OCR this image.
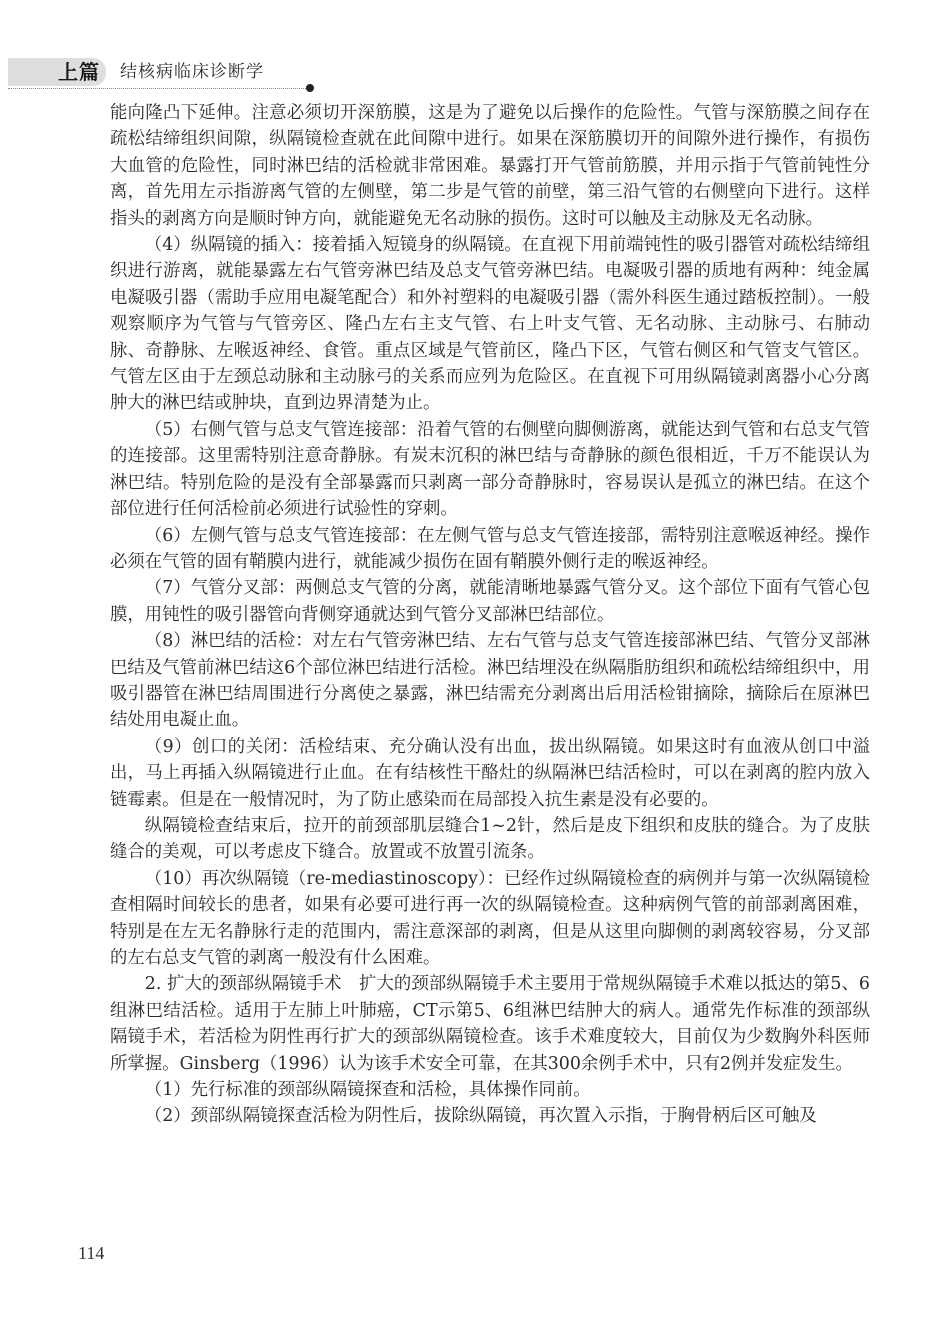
上篇 结核病临床诊断学

能向隆凸下延伸。注意必须切开深筋膜，这是为了避免以后操作的危险性。气管与深筋膜之间存在疏松结缔组织间隙，纵隔镜检查就在此间隙中进行。如果在深筋膜切开的间隙外进行操作，有损伤大血管的危险性，同时淋巴结的活检就非常困难。暴露打开气管前筋膜，并用示指于气管前钝性分离，首先用左示指游离气管的左侧壁，第二步是气管的前壁，第三沿气管的右侧壁向下进行。这样指头的剥离方向是顺时钟方向，就能避免无名动脉的损伤。这时可以触及主动脉及无名动脉。

（4）纵隔镜的插入：接着插入短镜身的纵隔镜。在直视下用前端钝性的吸引器管对疏松结缔组织进行游离，就能暴露左右气管旁淋巴结及总支气管旁淋巴结。电凝吸引器的质地有两种：纯金属电凝吸引器（需助手应用电凝笔配合）和外衬塑料的电凝吸引器（需外科医生通过踏板控制）。一般观察顺序为气管与气管旁区、隆凸左右主支气管、右上叶支气管、无名动脉、主动脉弓、右肺动脉、奇静脉、左喉返神经、食管。重点区域是气管前区，隆凸下区，气管右侧区和气管支气管区。气管左区由于左颈总动脉和主动脉弓的关系而应列为危险区。在直视下可用纵隔镜剥离器小心分离肿大的淋巴结或肿块，直到边界清楚为止。

（5）右侧气管与总支气管连接部：沿着气管的右侧壁向脚侧游离，就能达到气管和右总支气管的连接部。这里需特别注意奇静脉。有炭末沉积的淋巴结与奇静脉的颜色很相近，千万不能误认为淋巴结。特别危险的是没有全部暴露而只剥离一部分奇静脉时，容易误认是孤立的淋巴结。在这个部位进行任何活检前必须进行试验性的穿刺。

（6）左侧气管与总支气管连接部：在左侧气管与总支气管连接部，需特别注意喉返神经。操作必须在气管的固有鞘膜内进行，就能减少损伤在固有鞘膜外侧行走的喉返神经。

（7）气管分叉部：两侧总支气管的分离，就能清晰地暴露气管分叉。这个部位下面有气管心包膜，用钝性的吸引器管向背侧穿通就达到气管分叉部淋巴结部位。

（8）淋巴结的活检：对左右气管旁淋巴结、左右气管与总支气管连接部淋巴结、气管分叉部淋巴结及气管前淋巴结这6个部位淋巴结进行活检。淋巴结埋没在纵隔脂肪组织和疏松结缔组织中，用吸引器管在淋巴结周围进行分离使之暴露，淋巴结需充分剥离出后用活检钳摘除，摘除后在原淋巴结处用电凝止血。

（9）创口的关闭：活检结束、充分确认没有出血，拔出纵隔镜。如果这时有血液从创口中溢出，马上再插入纵隔镜进行止血。在有结核性干酪灶的纵隔淋巴结活检时，可以在剥离的腔内放入链霉素。但是在一般情况时，为了防止感染而在局部投入抗生素是没有必要的。

纵隔镜检查结束后，拉开的前颈部肌层缝合1~2针，然后是皮下组织和皮肤的缝合。为了皮肤缝合的美观，可以考虑皮下缝合。放置或不放置引流条。

（10）再次纵隔镜（re-mediastinoscopy）：已经作过纵隔镜检查的病例并与第一次纵隔镜检查相隔时间较长的患者，如果有必要可进行再一次的纵隔镜检查。这种病例气管的前部剥离困难，特别是在左无名静脉行走的范围内，需注意深部的剥离，但是从这里向脚侧的剥离较容易，分叉部的左右总支气管的剥离一般没有什么困难。

2. 扩大的颈部纵隔镜手术　扩大的颈部纵隔镜手术主要用于常规纵隔镜手术难以抵达的第5、6组淋巴结活检。适用于左肺上叶肺癌，CT示第5、6组淋巴结肿大的病人。通常先作标准的颈部纵隔镜手术，若活检为阴性再行扩大的颈部纵隔镜检查。该手术难度较大，目前仅为少数胸外科医师所掌握。Ginsberg（1996）认为该手术安全可靠，在其300余例手术中，只有2例并发症发生。

（1）先行标准的颈部纵隔镜探查和活检，具体操作同前。

（2）颈部纵隔镜探查活检为阴性后，拔除纵隔镜，再次置入示指，于胸骨柄后区可触及

114
